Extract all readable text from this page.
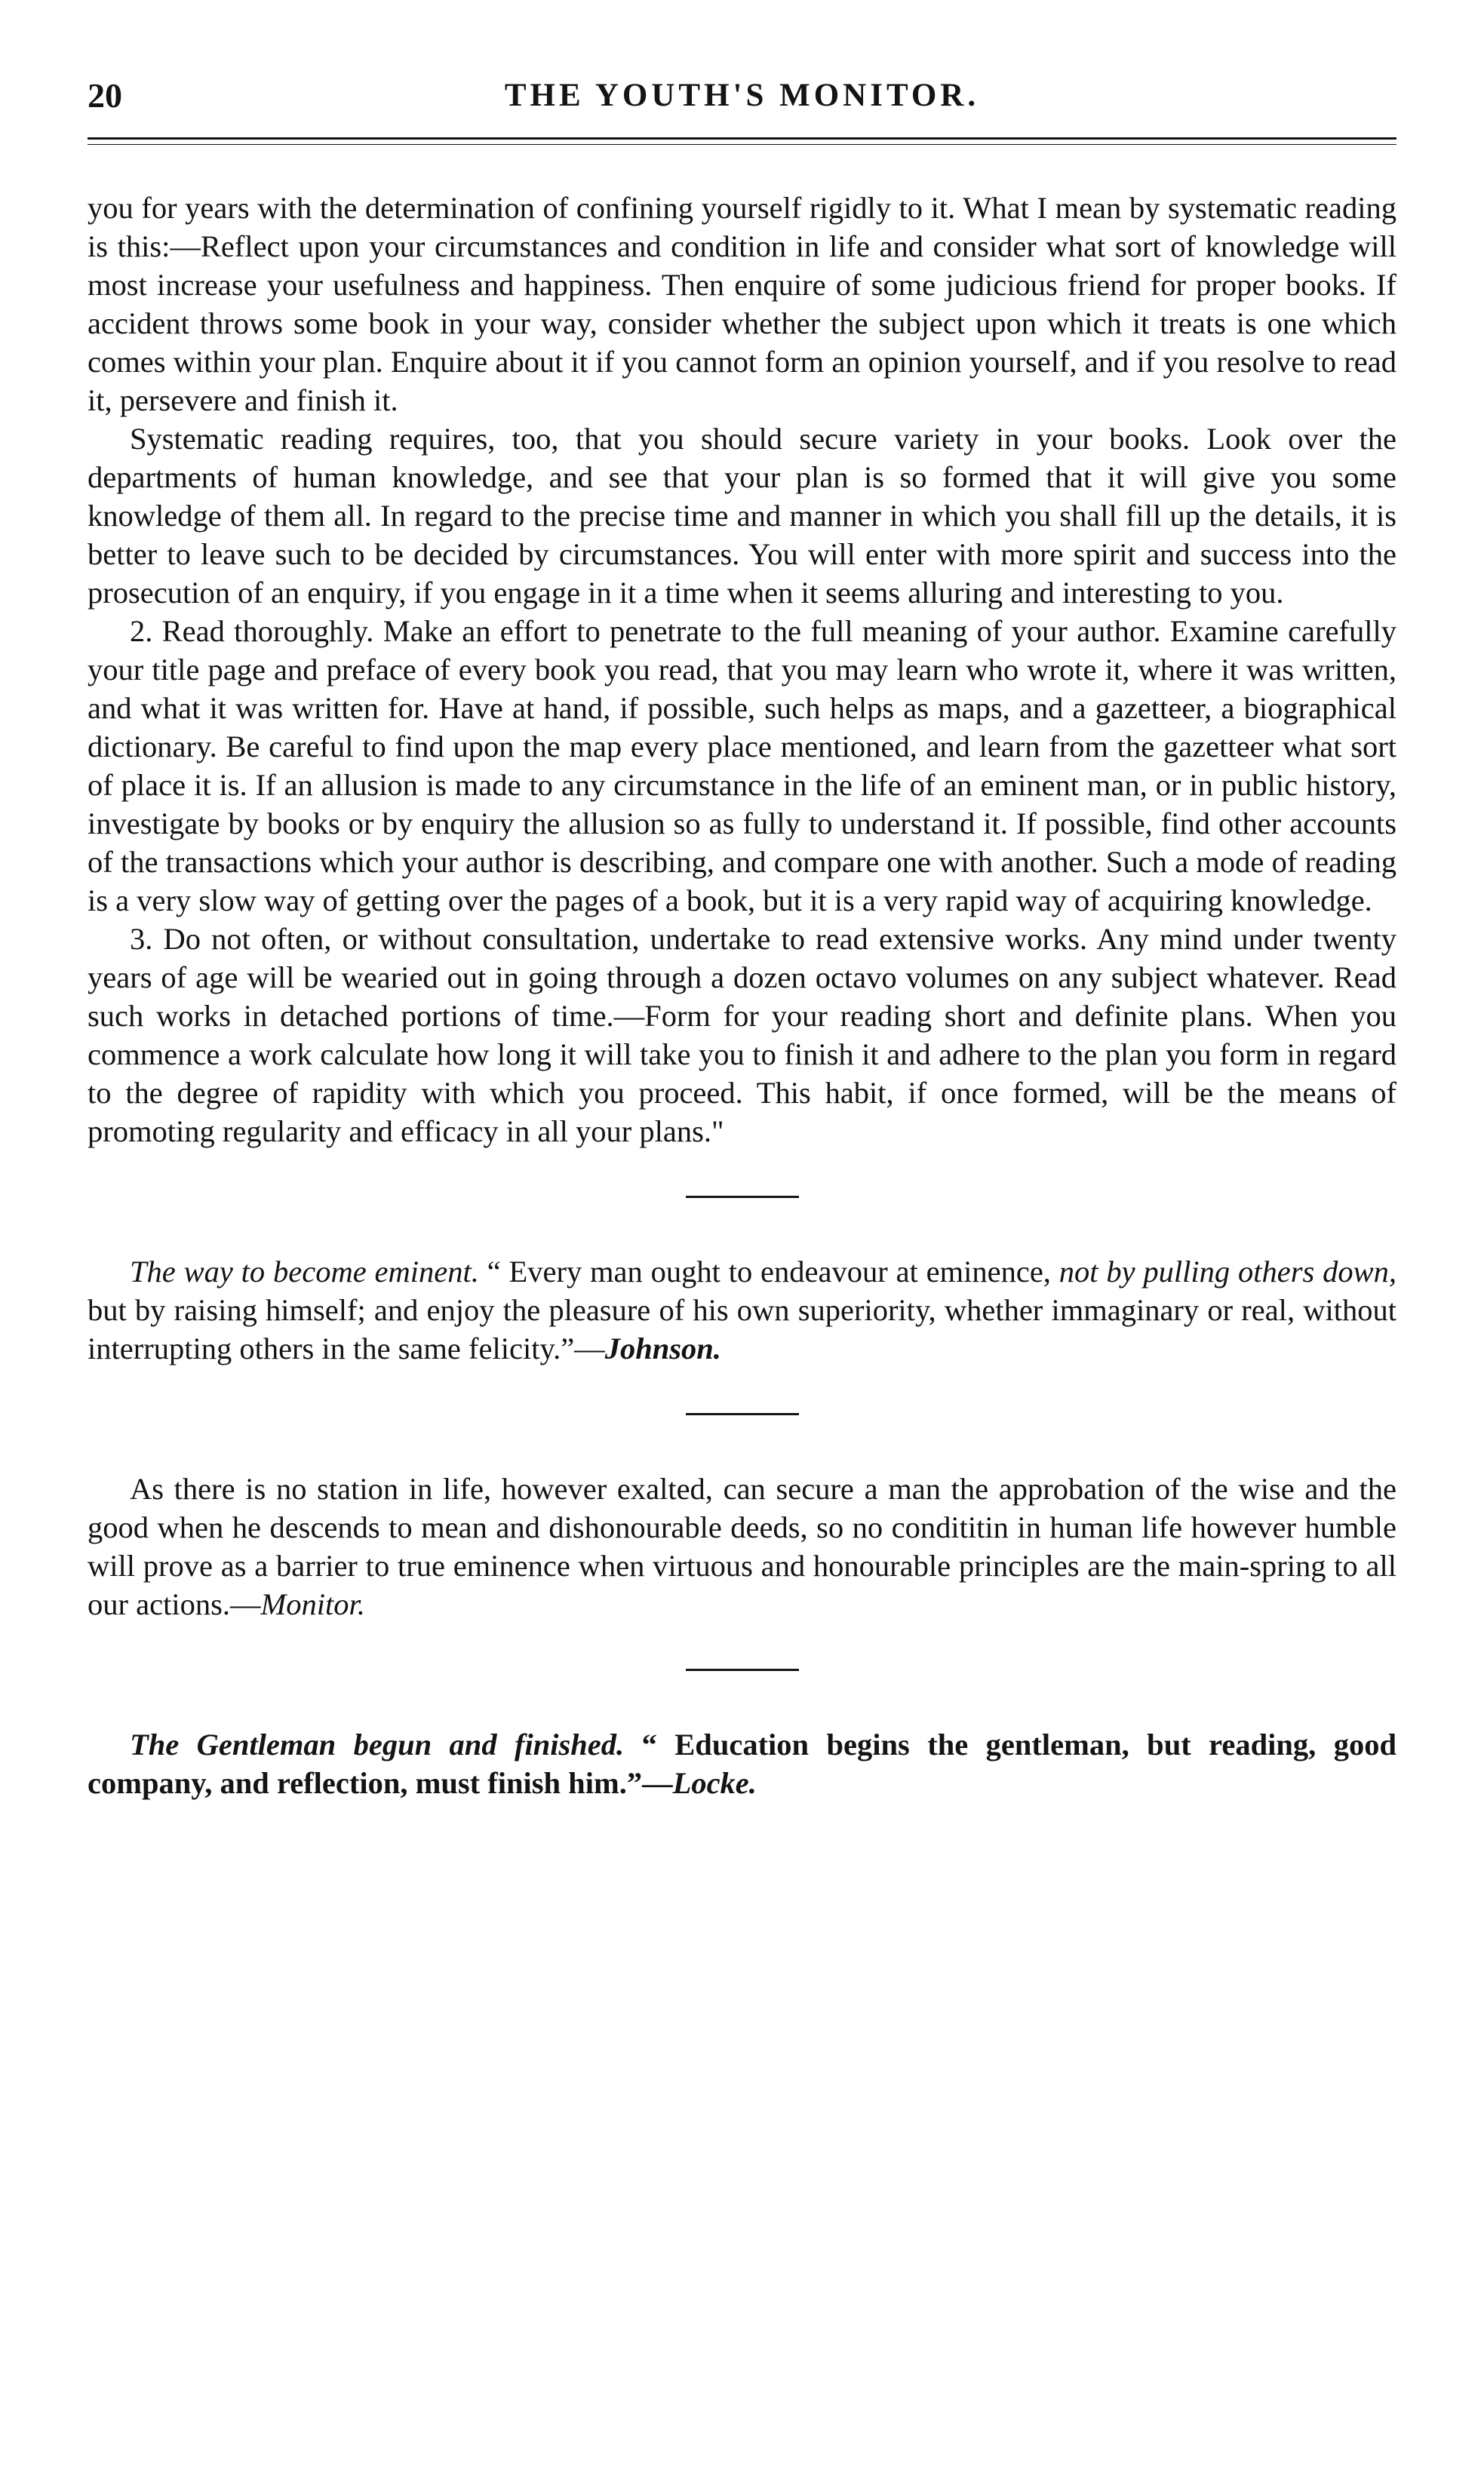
20	THE YOUTH'S MONITOR.

you for years with the determination of confining yourself rigidly to it. What I mean by systematic reading is this:—Reflect upon your circumstances and condition in life and consider what sort of knowledge will most increase your usefulness and happiness. Then enquire of some judicious friend for proper books. If accident throws some book in your way, consider whether the subject upon which it treats is one which comes within your plan. Enquire about it if you cannot form an opinion yourself, and if you resolve to read it, persevere and finish it.

Systematic reading requires, too, that you should secure variety in your books. Look over the departments of human knowledge, and see that your plan is so formed that it will give you some knowledge of them all. In regard to the precise time and manner in which you shall fill up the details, it is better to leave such to be decided by circumstances. You will enter with more spirit and success into the prosecution of an enquiry, if you engage in it a time when it seems alluring and interesting to you.

2. Read thoroughly. Make an effort to penetrate to the full meaning of your author. Examine carefully your title page and preface of every book you read, that you may learn who wrote it, where it was written, and what it was written for. Have at hand, if possible, such helps as maps, and a gazetteer, a biographical dictionary. Be careful to find upon the map every place mentioned, and learn from the gazetteer what sort of place it is. If an allusion is made to any circumstance in the life of an eminent man, or in public history, investigate by books or by enquiry the allusion so as fully to understand it. If possible, find other accounts of the transactions which your author is describing, and compare one with another. Such a mode of reading is a very slow way of getting over the pages of a book, but it is a very rapid way of acquiring knowledge.

3. Do not often, or without consultation, undertake to read extensive works. Any mind under twenty years of age will be wearied out in going through a dozen octavo volumes on any subject whatever. Read such works in detached portions of time.—Form for your reading short and definite plans. When you commence a work calculate how long it will take you to finish it and adhere to the plan you form in regard to the degree of rapidity with which you proceed. This habit, if once formed, will be the means of promoting regularity and efficacy in all your plans."

The way to become eminent. “ Every man ought to endeavour at eminence, not by pulling others down, but by raising himself; and enjoy the pleasure of his own superiority, whether immaginary or real, without interrupting others in the same felicity.”—Johnson.

As there is no station in life, however exalted, can secure a man the approbation of the wise and the good when he descends to mean and dishonourable deeds, so no condititin in human life however humble will prove as a barrier to true eminence when virtuous and honourable principles are the main-spring to all our actions.—Monitor.

The Gentleman begun and finished. “ Education begins the gentleman, but reading, good company, and reflection, must finish him.”—Locke.
